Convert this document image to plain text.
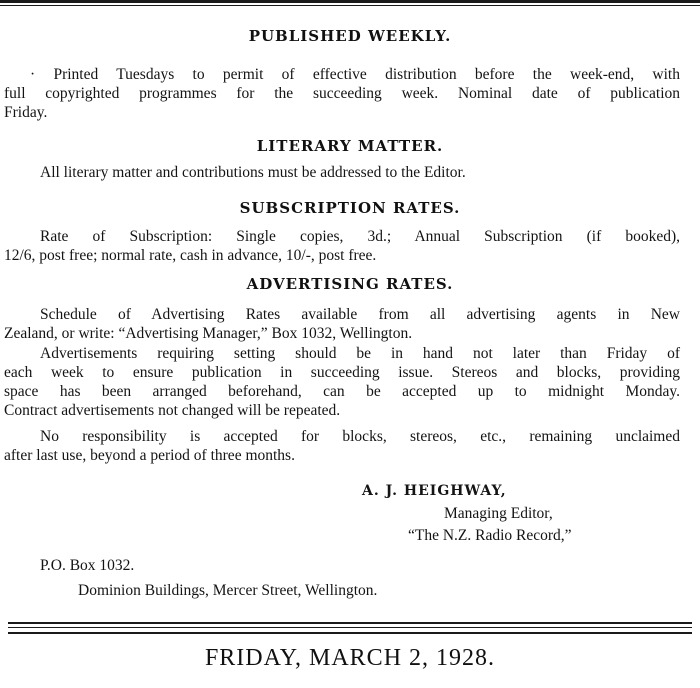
PUBLISHED WEEKLY.
· Printed Tuesdays to permit of effective distribution before the week-end, with
full copyrighted programmes for the succeeding week. Nominal date of publication
Friday.
LITERARY MATTER.
All literary matter and contributions must be addressed to the Editor.
SUBSCRIPTION RATES.
Rate of Subscription: Single copies, 3d.; Annual Subscription (if booked),
12/6, post free; normal rate, cash in advance, 10/-, post free.
ADVERTISING RATES.
Schedule of Advertising Rates available from all advertising agents in New
Zealand, or write: “Advertising Manager,” Box 1032, Wellington.
Advertisements requiring setting should be in hand not later than Friday of
each week to ensure publication in succeeding issue. Stereos and blocks, providing
space has been arranged beforehand, can be accepted up to midnight Monday.
Contract advertisements not changed will be repeated.
No responsibility is accepted for blocks, stereos, etc., remaining unclaimed
after last use, beyond a period of three months.
A. J. HEIGHWAY,
Managing Editor,
“The N.Z. Radio Record,”
P.O. Box 1032.
Dominion Buildings, Mercer Street, Wellington.
FRIDAY, MARCH 2, 1928.
